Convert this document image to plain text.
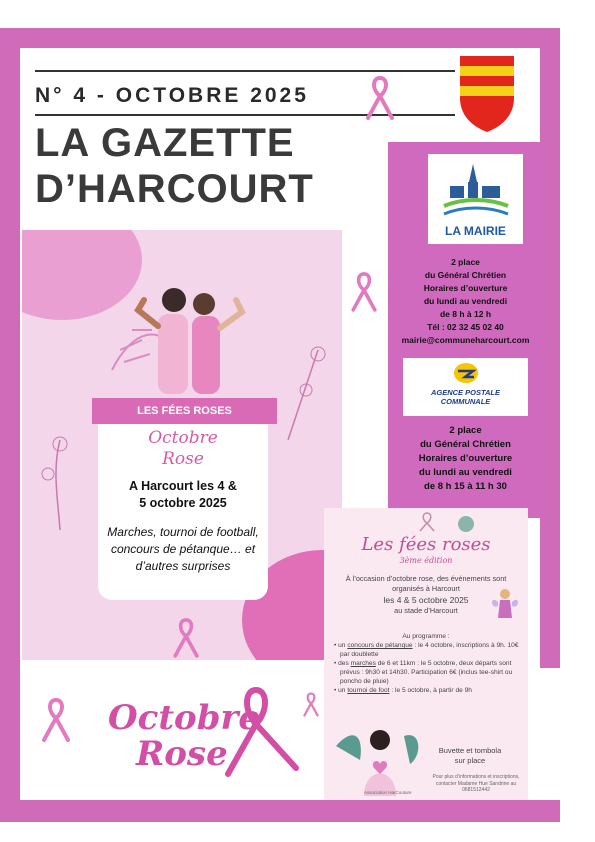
N° 4 - OCTOBRE 2025
LA GAZETTE
D’HARCOURT
LES FÉES ROSES
Octobre
Rose
A Harcourt les 4 &
5 octobre 2025
Marches, tournoi de football,
concours de pétanque… et
d’autres surprises
LA MAIRIE
2 place
du Général Chrétien
Horaires d’ouverture
du lundi au vendredi
de 8 h à 12 h
Tél : 02 32 45 02 40
mairie@communeharcourt.com
AGENCE POSTALE
COMMUNALE
2 place
du Général Chrétien
Horaires d’ouverture
du lundi au vendredi
de 8 h 15 à 11 h 30
Les fées roses
3ème édition
À l’occasion d’octobre rose, des événements sont
organisés à Harcourt
les 4 & 5 octobre 2025
au stade d’Harcourt
Au programme :
• un concours de pétanque : le 4 octobre, inscriptions à 9h. 10€ par doublette
• des marches de 6 et 11km : le 5 octobre, deux départs sont prévus : 9h30 et 14h30. Participation 6€ (inclus tee-shirt ou poncho de pluie)
• un tournoi de foot : le 5 octobre, à partir de 9h
Buvette et tombola
sur place
Pour plus d’informations et inscriptions, contacter Madame Hue Sandrine au 0681512442
Association HarCouture
Octobre
Rose
